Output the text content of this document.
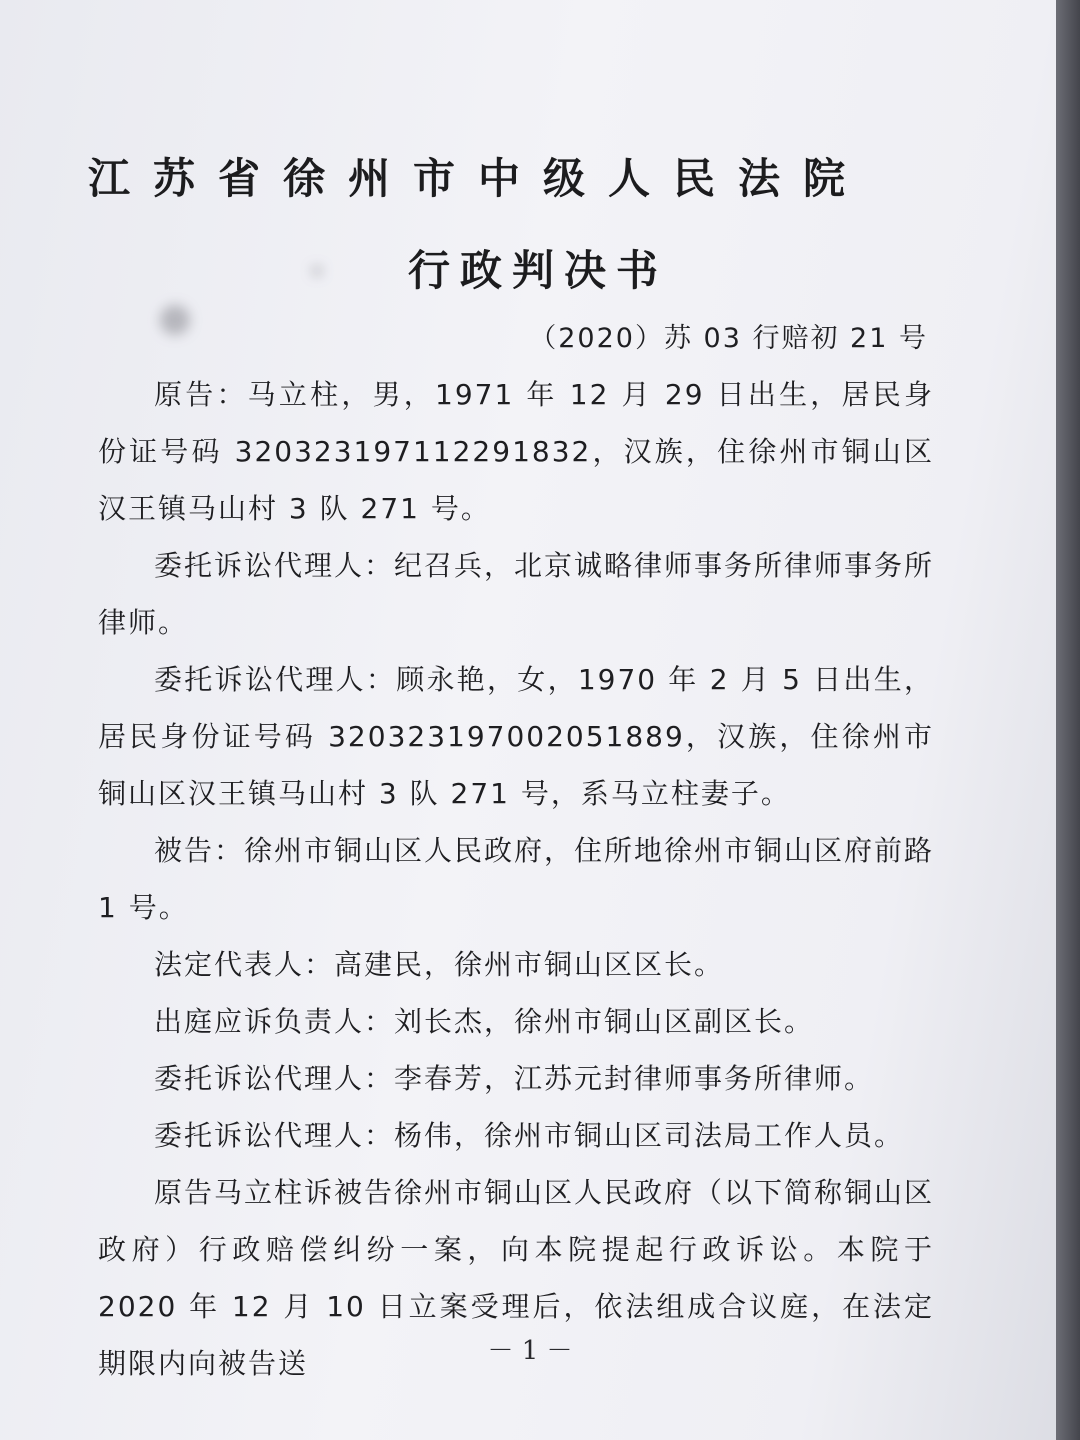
江苏省徐州市中级人民法院
行政判决书
（2020）苏 03 行赔初 21 号

原告：马立柱，男，1971 年 12 月 29 日出生，居民身份证号码 320323197112291832，汉族，住徐州市铜山区汉王镇马山村 3 队 271 号。

委托诉讼代理人：纪召兵，北京诚略律师事务所律师事务所律师。

委托诉讼代理人：顾永艳，女，1970 年 2 月 5 日出生，居民身份证号码 320323197002051889，汉族，住徐州市铜山区汉王镇马山村 3 队 271 号，系马立柱妻子。

被告：徐州市铜山区人民政府，住所地徐州市铜山区府前路 1 号。

法定代表人：高建民，徐州市铜山区区长。

出庭应诉负责人：刘长杰，徐州市铜山区副区长。

委托诉讼代理人：李春芳，江苏元封律师事务所律师。

委托诉讼代理人：杨伟，徐州市铜山区司法局工作人员。

原告马立柱诉被告徐州市铜山区人民政府（以下简称铜山区政府）行政赔偿纠纷一案，向本院提起行政诉讼。本院于 2020 年 12 月 10 日立案受理后，依法组成合议庭，在法定期限内向被告送	－ 1 －
